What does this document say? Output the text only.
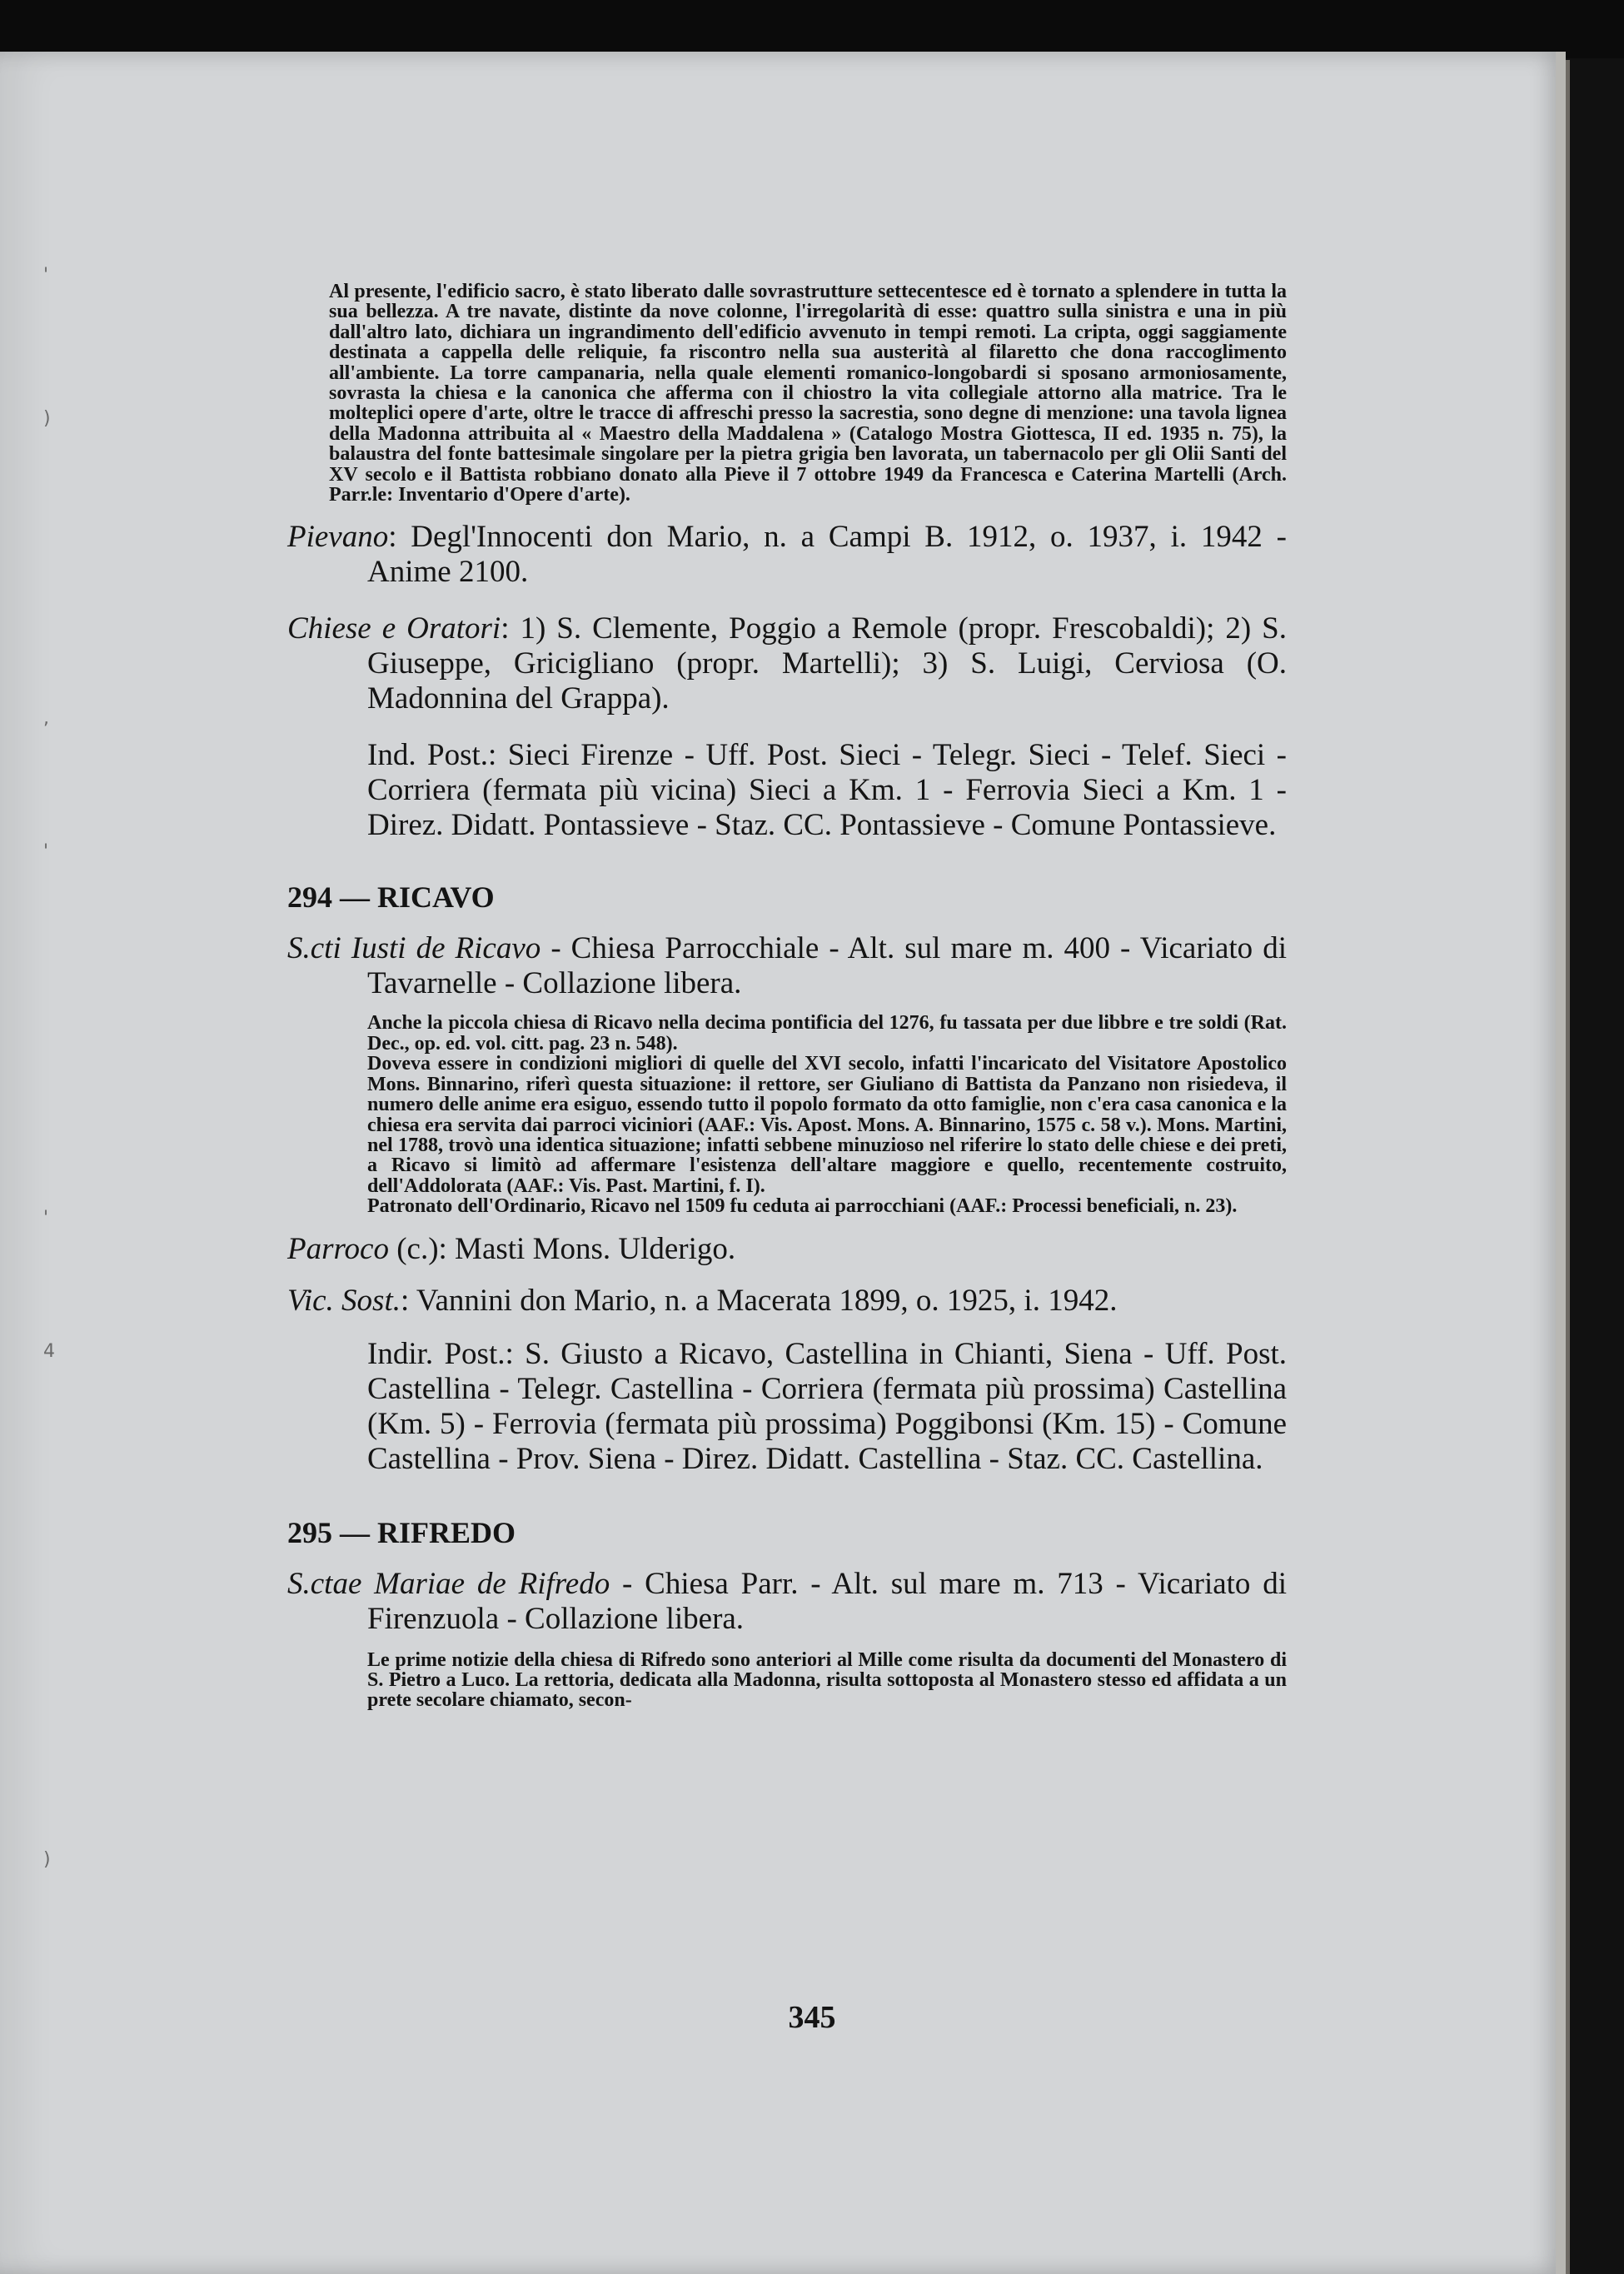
'
)
,
'
'
4
)

Al presente, l'edificio sacro, è stato liberato dalle sovrastrutture settecentesce ed è tornato a splendere in tutta la sua bellezza. A tre navate, distinte da nove colonne, l'irregolarità di esse: quattro sulla sinistra e una in più dall'altro lato, dichiara un ingrandimento dell'edificio avvenuto in tempi remoti. La cripta, oggi saggiamente destinata a cappella delle reliquie, fa riscontro nella sua austerità al filaretto che dona raccoglimento all'ambiente. La torre campanaria, nella quale elementi romanico-longobardi si sposano armoniosamente, sovrasta la chiesa e la canonica che afferma con il chiostro la vita collegiale attorno alla matrice. Tra le molteplici opere d'arte, oltre le tracce di affreschi presso la sacrestia, sono degne di menzione: una tavola lignea della Madonna attribuita al « Maestro della Maddalena » (Catalogo Mostra Giottesca, II ed. 1935 n. 75), la balaustra del fonte battesimale singolare per la pietra grigia ben lavorata, un tabernacolo per gli Olii Santi del XV secolo e il Battista robbiano donato alla Pieve il 7 ottobre 1949 da Francesca e Caterina Martelli (Arch. Parr.le: Inventario d'Opere d'arte).

Pievano: Degl'Innocenti don Mario, n. a Campi B. 1912, o. 1937, i. 1942 - Anime 2100.

Chiese e Oratori: 1) S. Clemente, Poggio a Remole (propr. Frescobaldi); 2) S. Giuseppe, Gricigliano (propr. Martelli); 3) S. Luigi, Cerviosa (O. Madonnina del Grappa).

Ind. Post.: Sieci Firenze - Uff. Post. Sieci - Telegr. Sieci - Telef. Sieci - Corriera (fermata più vicina) Sieci a Km. 1 - Ferrovia Sieci a Km. 1 - Direz. Didatt. Pontassieve - Staz. CC. Pontassieve - Comune Pontassieve.

294 — RICAVO

S.cti Iusti de Ricavo - Chiesa Parrocchiale - Alt. sul mare m. 400 - Vicariato di Tavarnelle - Collazione libera.

Anche la piccola chiesa di Ricavo nella decima pontificia del 1276, fu tassata per due libbre e tre soldi (Rat. Dec., op. ed. vol. citt. pag. 23 n. 548).

Doveva essere in condizioni migliori di quelle del XVI secolo, infatti l'incaricato del Visitatore Apostolico Mons. Binnarino, riferì questa situazione: il rettore, ser Giuliano di Battista da Panzano non risiedeva, il numero delle anime era esiguo, essendo tutto il popolo formato da otto famiglie, non c'era casa canonica e la chiesa era servita dai parroci viciniori (AAF.: Vis. Apost. Mons. A. Binnarino, 1575 c. 58 v.). Mons. Martini, nel 1788, trovò una identica situazione; infatti sebbene minuzioso nel riferire lo stato delle chiese e dei preti, a Ricavo si limitò ad affermare l'esistenza dell'altare maggiore e quello, recentemente costruito, dell'Addolorata (AAF.: Vis. Past. Martini, f. I).

Patronato dell'Ordinario, Ricavo nel 1509 fu ceduta ai parrocchiani (AAF.: Processi beneficiali, n. 23).

Parroco (c.): Masti Mons. Ulderigo.

Vic. Sost.: Vannini don Mario, n. a Macerata 1899, o. 1925, i. 1942.

Indir. Post.: S. Giusto a Ricavo, Castellina in Chianti, Siena - Uff. Post. Castellina - Telegr. Castellina - Corriera (fermata più prossima) Castellina (Km. 5) - Ferrovia (fermata più prossima) Poggibonsi (Km. 15) - Comune Castellina - Prov. Siena - Direz. Didatt. Castellina - Staz. CC. Castellina.

295 — RIFREDO

S.ctae Mariae de Rifredo - Chiesa Parr. - Alt. sul mare m. 713 - Vicariato di Firenzuola - Collazione libera.

Le prime notizie della chiesa di Rifredo sono anteriori al Mille come risulta da documenti del Monastero di S. Pietro a Luco. La rettoria, dedicata alla Madonna, risulta sottoposta al Monastero stesso ed affidata a un prete secolare chiamato, secon-

345
